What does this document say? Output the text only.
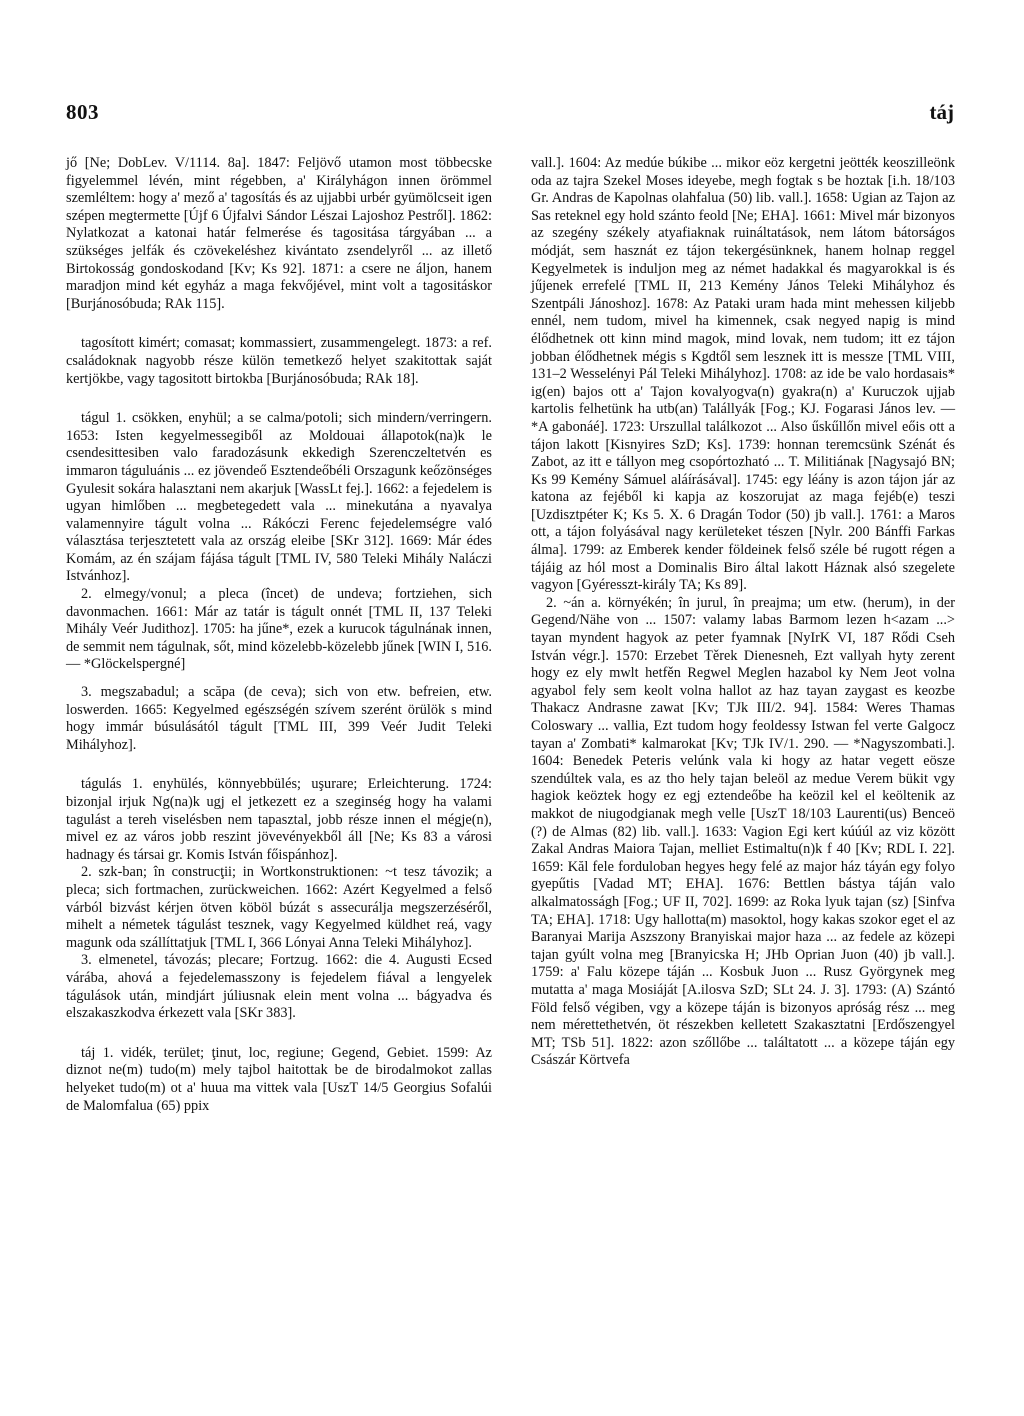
803	táj

jő [Ne; DobLev. V/1114. 8a]. 1847: Feljövő utamon most többecske figyelemmel lévén, mint régebben, a' Királyhágon innen örömmel szemléltem: hogy a' mező a' tagosítás és az ujjabbi urbér gyümölcseit igen szépen megtermette [Újf 6 Újfalvi Sándor Lészai Lajoshoz Pestről]. 1862: Nylatkozat a katonai határ felmerése és tagositása tárgyában ... a szükséges jelfák és czövekeléshez kivántato zsendelyről ... az illető Birtokosság gondoskodand [Kv; Ks 92]. 1871: a csere ne áljon, hanem maradjon mind két egyház a maga fekvőjével, mint volt a tagositáskor [Burjánosóbuda; RAk 115].

tagosított kimért; comasat; kommassiert, zusammengelegt. 1873: a ref. családoknak nagyobb része külön temetkező helyet szakitottak saját kertjökbe, vagy tagositott birtokba [Burjánosóbuda; RAk 18].

tágul 1. csökken, enyhül; a se calma/potoli; sich mindern/verringern. 1653: Isten kegyelmessegiből az Moldouai állapotok(na)k le csendesittesiben valo faradozásunk ekkedigh Szerenczeltetvén es immaron táguluánis ... ez jövendeő Esztendeőbéli Orszagunk keőzönséges Gyulesit sokára halasztani nem akarjuk [WassLt fej.]. 1662: a fejedelem is ugyan himlőben ... megbetegedett vala ... minekutána a nyavalya valamennyire tágult volna ... Rákóczi Ferenc fejedelemségre való választása terjesztetett vala az ország eleibe [SKr 312]. 1669: Már édes Komám, az én szájam fájása tágult [TML IV, 580 Teleki Mihály Naláczi Istvánhoz].

2. elmegy/vonul; a pleca (încet) de undeva; fortziehen, sich davonmachen. 1661: Már az tatár is tágult onnét [TML II, 137 Teleki Mihály Veér Judithoz]. 1705: ha jűne*, ezek a kurucok tágulnának innen, de semmit nem tágulnak, sőt, mind közelebb-közelebb jűnek [WIN I, 516. — *Glöckelspergné]

3. megszabadul; a scăpa (de ceva); sich von etw. befreien, etw. loswerden. 1665: Kegyelmed egészségén szívem szerént örülök s mind hogy immár búsulásától tágult [TML III, 399 Veér Judit Teleki Mihályhoz].

tágulás 1. enyhülés, könnyebbülés; uşurare; Erleichterung. 1724: bizonjal irjuk Ng(na)k ugj el jetkezett ez a szeginség hogy ha valami tagulást a tereh viselésben nem tapasztal, jobb része innen el mégje(n), mivel ez az város jobb reszint jövevényekből áll [Ne; Ks 83 a városi hadnagy és társai gr. Komis István főispánhoz].

2. szk-ban; în construcţii; in Wortkonstruktionen: ~t tesz távozik; a pleca; sich fortmachen, zurückweichen. 1662: Azért Kegyelmed a felső várból bizvást kérjen ötven köböl búzát s assecurálja megszerzéséről, mihelt a németek tágulást tesznek, vagy Kegyelmed küldhet reá, vagy magunk oda szállíttatjuk [TML I, 366 Lónyai Anna Teleki Mihályhoz].

3. elmenetel, távozás; plecare; Fortzug. 1662: die 4. Augusti Ecsed várába, ahová a fejedelemasszony is fejedelem fiával a lengyelek tágulások után, mindjárt júliusnak elein ment volna ... bágyadva és elszakaszkodva érkezett vala [SKr 383].

táj 1. vidék, terület; ţinut, loc, regiune; Gegend, Gebiet. 1599: Az diznot ne(m) tudo(m) mely tajbol haitottak be de birodalmokot zallas helyeket tudo(m) ot a' huua ma vittek vala [UszT 14/5 Georgius Sofalúi de Malomfalua (65) ppix

vall.]. 1604: Az medúe búkibe ... mikor eöz kergetni jeötték keoszilleönk oda az tajra Szekel Moses ideyebe, megh fogtak s be hoztak [i.h. 18/103 Gr. Andras de Kapolnas olahfalua (50) lib. vall.]. 1658: Ugian az Tajon az Sas reteknel egy hold szánto feold [Ne; EHA]. 1661: Mivel már bizonyos az szegény székely atyafiaknak ruináltatások, nem látom bátorságos módját, sem hasznát ez tájon tekergésünknek, hanem holnap reggel Kegyelmetek is induljon meg az német hadakkal és magyarokkal is és jűjenek errefelé [TML II, 213 Kemény János Teleki Mihályhoz és Szentpáli Jánoshoz]. 1678: Az Pataki uram hada mint mehessen kiljebb ennél, nem tudom, mivel ha kimennek, csak negyed napig is mind élődhetnek ott kinn mind magok, mind lovak, nem tudom; itt ez tájon jobban élődhetnek mégis s Kgdtől sem lesznek itt is messze [TML VIII, 131–2 Wesselényi Pál Teleki Mihályhoz]. 1708: az ide be valo hordasais* ig(en) bajos ott a' Tajon kovalyogva(n) gyakra(n) a' Kuruczok ujjab kartolis felhetünk ha utb(an) Talállyák [Fog.; KJ. Fogarasi János lev. — *A gabonáé]. 1723: Urszullal találkozot ... Also űskűllőn mivel eőis ott a tájon lakott [Kisnyires SzD; Ks]. 1739: honnan teremcsünk Szénát és Zabot, az itt e tállyon meg csopórtozható ... T. Militiának [Nagysajó BN; Ks 99 Kemény Sámuel aláírásával]. 1745: egy léány is azon tájon jár az katona az fejéből ki kapja az koszorujat az maga fejéb(e) teszi [Uzdisztpéter K; Ks 5. X. 6 Dragán Todor (50) jb vall.]. 1761: a Maros ott, a tájon folyásával nagy kerületeket tészen [Nylr. 200 Bánffi Farkas álma]. 1799: az Emberek kender földeinek felső széle bé rugott régen a tájáig az hól most a Dominalis Biro által lakott Háznak alsó szegelete vagyon [Gyéresszt-király TA; Ks 89].

2. ~án a. környékén; în jurul, în preajma; um etw. (herum), in der Gegend/Nähe von ... 1507: valamy labas Barmom lezen h<azam ...> tayan myndent hagyok az peter fyamnak [NyIrK VI, 187 Rődi Cseh István végr.]. 1570: Erzebet Těrek Dienesneh, Ezt vallyah hyty zerent hogy ez ely mwlt hetfěn Regwel Meglen hazabol ky Nem Jeot volna agyabol fely sem keolt volna hallot az haz tayan zaygast es keozbe Thakacz Andrasne zawat [Kv; TJk III/2. 94]. 1584: Weres Thamas Coloswary ... vallia, Ezt tudom hogy feoldessy Istwan fel verte Galgocz tayan a' Zombati* kalmarokat [Kv; TJk IV/1. 290. — *Nagyszombati.]. 1604: Benedek Peteris velúnk vala ki hogy az hatar vegett eösze szendúltek vala, es az tho hely tajan beleöl az medue Verem bükit vgy hagiok keöztek hogy ez egj eztendeőbe ha keözil kel el keöltenik az makkot de niugodgianak megh velle [UszT 18/103 Laurenti(us) Benceö (?) de Almas (82) lib. vall.]. 1633: Vagion Egi kert kúúúl az viz között Zakal Andras Maiora Tajan, melliet Estimaltu(n)k f 40 [Kv; RDL I. 22]. 1659: Kăl fele forduloban hegyes hegy felé az major ház táyán egy folyo gyepűtis [Vadad MT; EHA]. 1676: Bettlen bástya táján valo alkalmatosságh [Fog.; UF II, 702]. 1699: az Roka lyuk tajan (sz) [Sinfva TA; EHA]. 1718: Ugy hallotta(m) masoktol, hogy kakas szokor eget el az Baranyai Marija Aszszony Branyiskai major haza ... az fedele az közepi tajan gyúlt volna meg [Branyicska H; JHb Oprian Juon (40) jb vall.]. 1759: a' Falu közepe táján ... Kosbuk Juon ... Rusz Györgynek meg mutatta a' maga Mosiáját [A.ilosva SzD; SLt 24. J. 3]. 1793: (A) Szántó Föld felső végiben, vgy a közepe táján is bizonyos apróság rész ... meg nem mérettethetvén, öt részekben kelletett Szakasztatni [Erdőszengyel MT; TSb 51]. 1822: azon szőllőbe ... találtatott ... a közepe táján egy Császár Körtvefa
